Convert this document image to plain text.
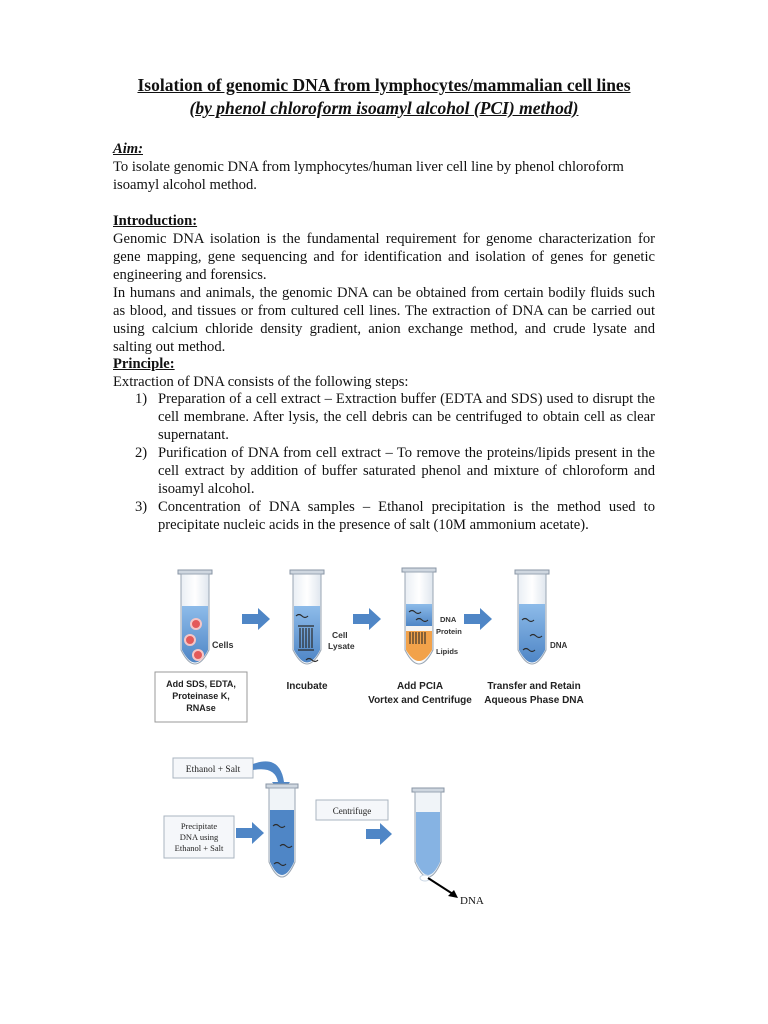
Isolation of genomic DNA from lymphocytes/mammalian cell lines
(by phenol chloroform isoamyl alcohol (PCI) method)
Aim:
To isolate genomic DNA from lymphocytes/human liver cell line by phenol chloroform isoamyl alcohol method.
Introduction:
Genomic DNA isolation is the fundamental requirement for genome characterization for gene mapping, gene sequencing and for identification and isolation of genes for genetic engineering and forensics.
In humans and animals, the genomic DNA can be obtained from certain bodily fluids such as blood, and tissues or from cultured cell lines. The extraction of DNA can be carried out using calcium chloride density gradient, anion exchange method, and crude lysate and salting out method.
Principle:
Extraction of DNA consists of the following steps:
1) Preparation of a cell extract – Extraction buffer (EDTA and SDS) used to disrupt the cell membrane. After lysis, the cell debris can be centrifuged to obtain cell as clear supernatant.
2) Purification of DNA from cell extract – To remove the proteins/lipids present in the cell extract by addition of buffer saturated phenol and mixture of chloroform and isoamyl alcohol.
3) Concentration of DNA samples – Ethanol precipitation is the method used to precipitate nucleic acids in the presence of salt (10M ammonium acetate).
Cells
Add SDS, EDTA,
Proteinase K,
RNAse
Cell
Lysate
Incubate
DNA
Protein
Lipids
Add PCIA
Vortex and Centrifuge
DNA
Transfer and Retain
Aqueous Phase DNA
Ethanol + Salt
Precipitate
DNA using
Ethanol + Salt
Centrifuge
DNA
